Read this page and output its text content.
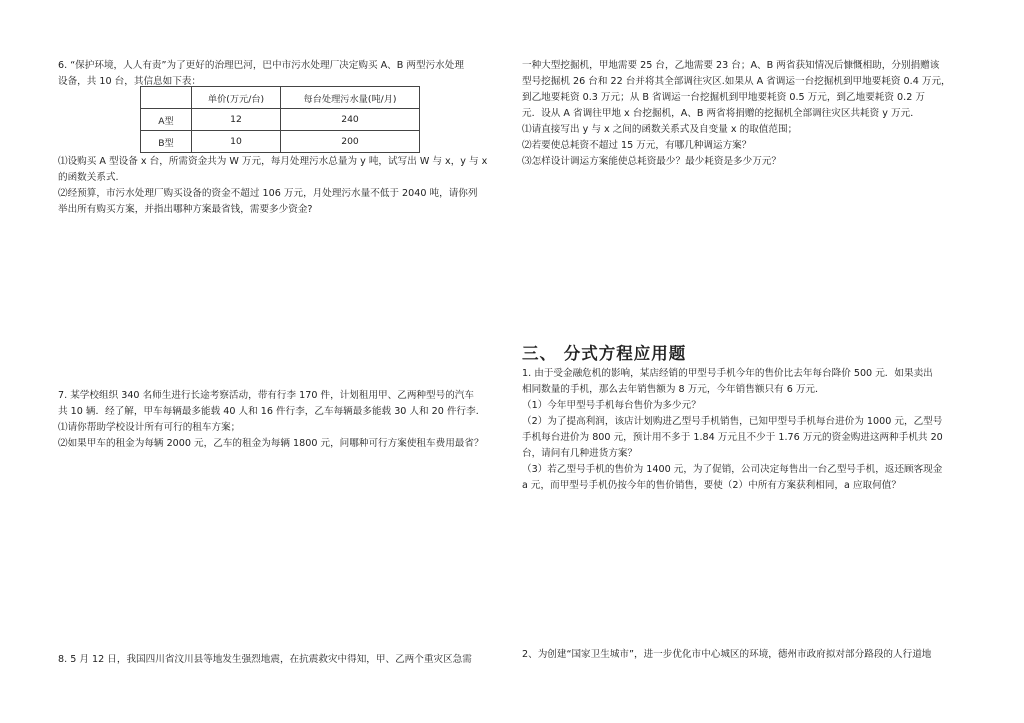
6. “保护环境，人人有责”为了更好的治理巴河，巴中市污水处理厂决定购买 A、B 两型污水处理
设备，共 10 台，其信息如下表：
	单价(万元/台)	每台处理污水量(吨/月)
A型	12	240
B型	10	200
⑴设购买 A 型设备 x 台，所需资金共为 W 万元，每月处理污水总量为 y 吨，试写出 W 与 x，y 与 x
的函数关系式.
⑵经预算，市污水处理厂购买设备的资金不超过 106 万元，月处理污水量不低于 2040 吨，请你列
举出所有购买方案，并指出哪种方案最省钱，需要多少资金?
7. 某学校组织 340 名师生进行长途考察活动，带有行李 170 件，计划租用甲、乙两种型号的汽车
共 10 辆．经了解，甲车每辆最多能载 40 人和 16 件行李，乙车每辆最多能载 30 人和 20 件行李．
⑴请你帮助学校设计所有可行的租车方案；
⑵如果甲车的租金为每辆 2000 元，乙车的租金为每辆 1800 元，问哪种可行方案使租车费用最省？
8. 5 月 12 日，我国四川省汶川县等地发生强烈地震，在抗震救灾中得知，甲、乙两个重灾区急需
一种大型挖掘机，甲地需要 25 台，乙地需要 23 台；A、B 两省获知情况后慷慨相助，分别捐赠该
型号挖掘机 26 台和 22 台并将其全部调往灾区.如果从 A 省调运一台挖掘机到甲地要耗资 0.4 万元，
到乙地要耗资 0.3 万元；从 B 省调运一台挖掘机到甲地要耗资 0.5 万元，到乙地要耗资 0.2 万
元．设从 A 省调往甲地 x 台挖掘机，A、B 两省将捐赠的挖掘机全部调往灾区共耗资 y 万元．
⑴请直接写出 y 与 x 之间的函数关系式及自变量 x 的取值范围；
⑵若要使总耗资不超过 15 万元，有哪几种调运方案？
⑶怎样设计调运方案能使总耗资最少？最少耗资是多少万元？
三、 分式方程应用题
1. 由于受金融危机的影响，某店经销的甲型号手机今年的售价比去年每台降价 500 元．如果卖出
相同数量的手机，那么去年销售额为 8 万元，今年销售额只有 6 万元．
（1）今年甲型号手机每台售价为多少元？
（2）为了提高利润，该店计划购进乙型号手机销售，已知甲型号手机每台进价为 1000 元，乙型号
手机每台进价为 800 元，预计用不多于 1.84 万元且不少于 1.76 万元的资金购进这两种手机共 20
台，请问有几种进货方案？
（3）若乙型号手机的售价为 1400 元，为了促销，公司决定每售出一台乙型号手机，返还顾客现金
a 元，而甲型号手机仍按今年的售价销售，要使（2）中所有方案获利相同，a 应取何值？
2、为创建“国家卫生城市”，进一步优化市中心城区的环境，德州市政府拟对部分路段的人行道地
